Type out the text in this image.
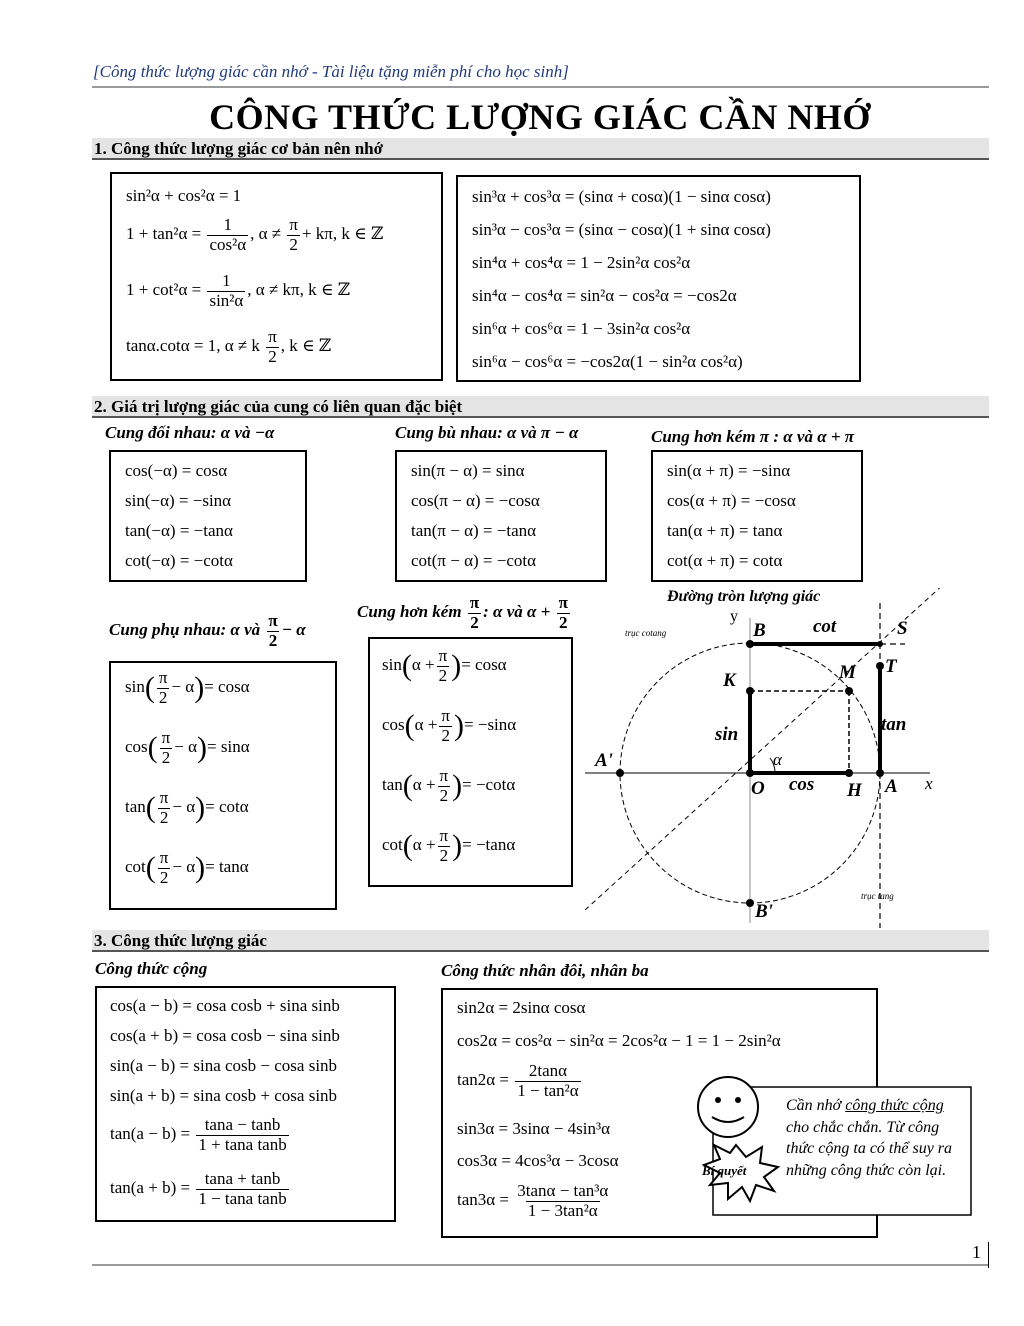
[Công thức lượng giác cần nhớ - Tài liệu tặng miễn phí cho học sinh]
CÔNG THỨC LƯỢNG GIÁC CẦN NHỚ
1. Công thức lượng giác cơ bản nên nhớ
sin²α + cos²α = 1
$1 + \tan^2\alpha = \frac{1}{\text{cos²α}}$ , $\alpha \ne \frac{\pi}{2} + k\pi$, k ∈ ℤ
$1 + \cot^2\alpha = \frac{1}{\text{sin²α}}$ , α ≠ kπ, k ∈ ℤ
tanα.cotα = 1, α ≠ k $\frac{\pi}{2}$ , k ∈ ℤ
sin³α + cos³α = (sinα + cosα)(1 − sinα cosα)
sin³α − cos³α = (sinα − cosα)(1 + sinα cosα)
sin⁴α + cos⁴α = 1 − 2sin²α cos²α
sin⁴α − cos⁴α = sin²α − cos²α = −cos2α
sin⁶α + cos⁶α = 1 − 3sin²α cos²α
sin⁶α − cos⁶α = −cos2α(1 − sin²α cos²α)
2. Giá trị lượng giác của cung có liên quan đặc biệt
Cung đối nhau: α và −α
cos(−α) = cosα
sin(−α) = −sinα
tan(−α) = −tanα
cot(−α) = −cotα
Cung bù nhau: α và π − α
sin(π − α) = sinα
cos(π − α) = −cosα
tan(π − α) = −tanα
cot(π − α) = −cotα
Cung hơn kém π : α và α + π
sin(α + π) = −sinα
cos(α + π) = −cosα
tan(α + π) = tanα
cot(α + π) = cotα
Cung phụ nhau: α và $\frac{\pi}{2} - \alpha$
$\sin( \frac{\pi}{2} - \alpha)= \cos\alpha$
$\cos( \frac{\pi}{2} - \alpha)= \sin\alpha$
$\tan( \frac{\pi}{2} - \alpha)= \cot\alpha$
$\cot( \frac{\pi}{2} - \alpha)= \tan\alpha$
Cung hơn kém $\frac{\pi}{2}$ : α và $\alpha + \frac{\pi}{2}$
$\sin(\alpha + \frac{\pi}{2}$ )= cosα
$\cos(\alpha + \frac{\pi}{2}$ )= −sinα
$\tan(\alpha + \frac{\pi}{2}$ )= −cotα
$\cot(\alpha + \frac{\pi}{2}$ )= −tanα
Đường tròn lượng giác
y
x
B cot	S
T
M
K
sin	tan
A'
O cos H A
α
B'
trục cotang
trục tang
3. Công thức lượng giác
Công thức cộng
cos(a − b) = cosa cosb + sina sinb
cos(a + b) = cosa cosb − sina sinb
sin(a − b) = sina cosb − cosa sinb
sin(a + b) = sina cosb + cosa sinb
$\tan(a - b) = \frac{\tan a - \tan b}{\text{1 + tana tanb}}$
$\tan(a + b) = \frac{\tan a + \tan b}{\text{1 − tana tanb}}$
Công thức nhân đôi, nhân ba
sin2α = 2sinα cosα
cos2α = cos²α − sin²α = 2cos²α − 1 = 1 − 2sin²α
$\tan 2\alpha = \frac{2\tan\alpha}{\text{1 − tan²α}}$
sin3α = 3sinα − 4sin³α
cos3α = 4cos³α − 3cosα
$\tan 3\alpha = \frac{\text{3tanα − tan³α}}{\text{1 − 3tan²α}}$
Bí quyết
Cần nhớ công thức cộng cho chắc chắn. Từ công thức cộng ta có thể suy ra những công thức còn lại.
1
